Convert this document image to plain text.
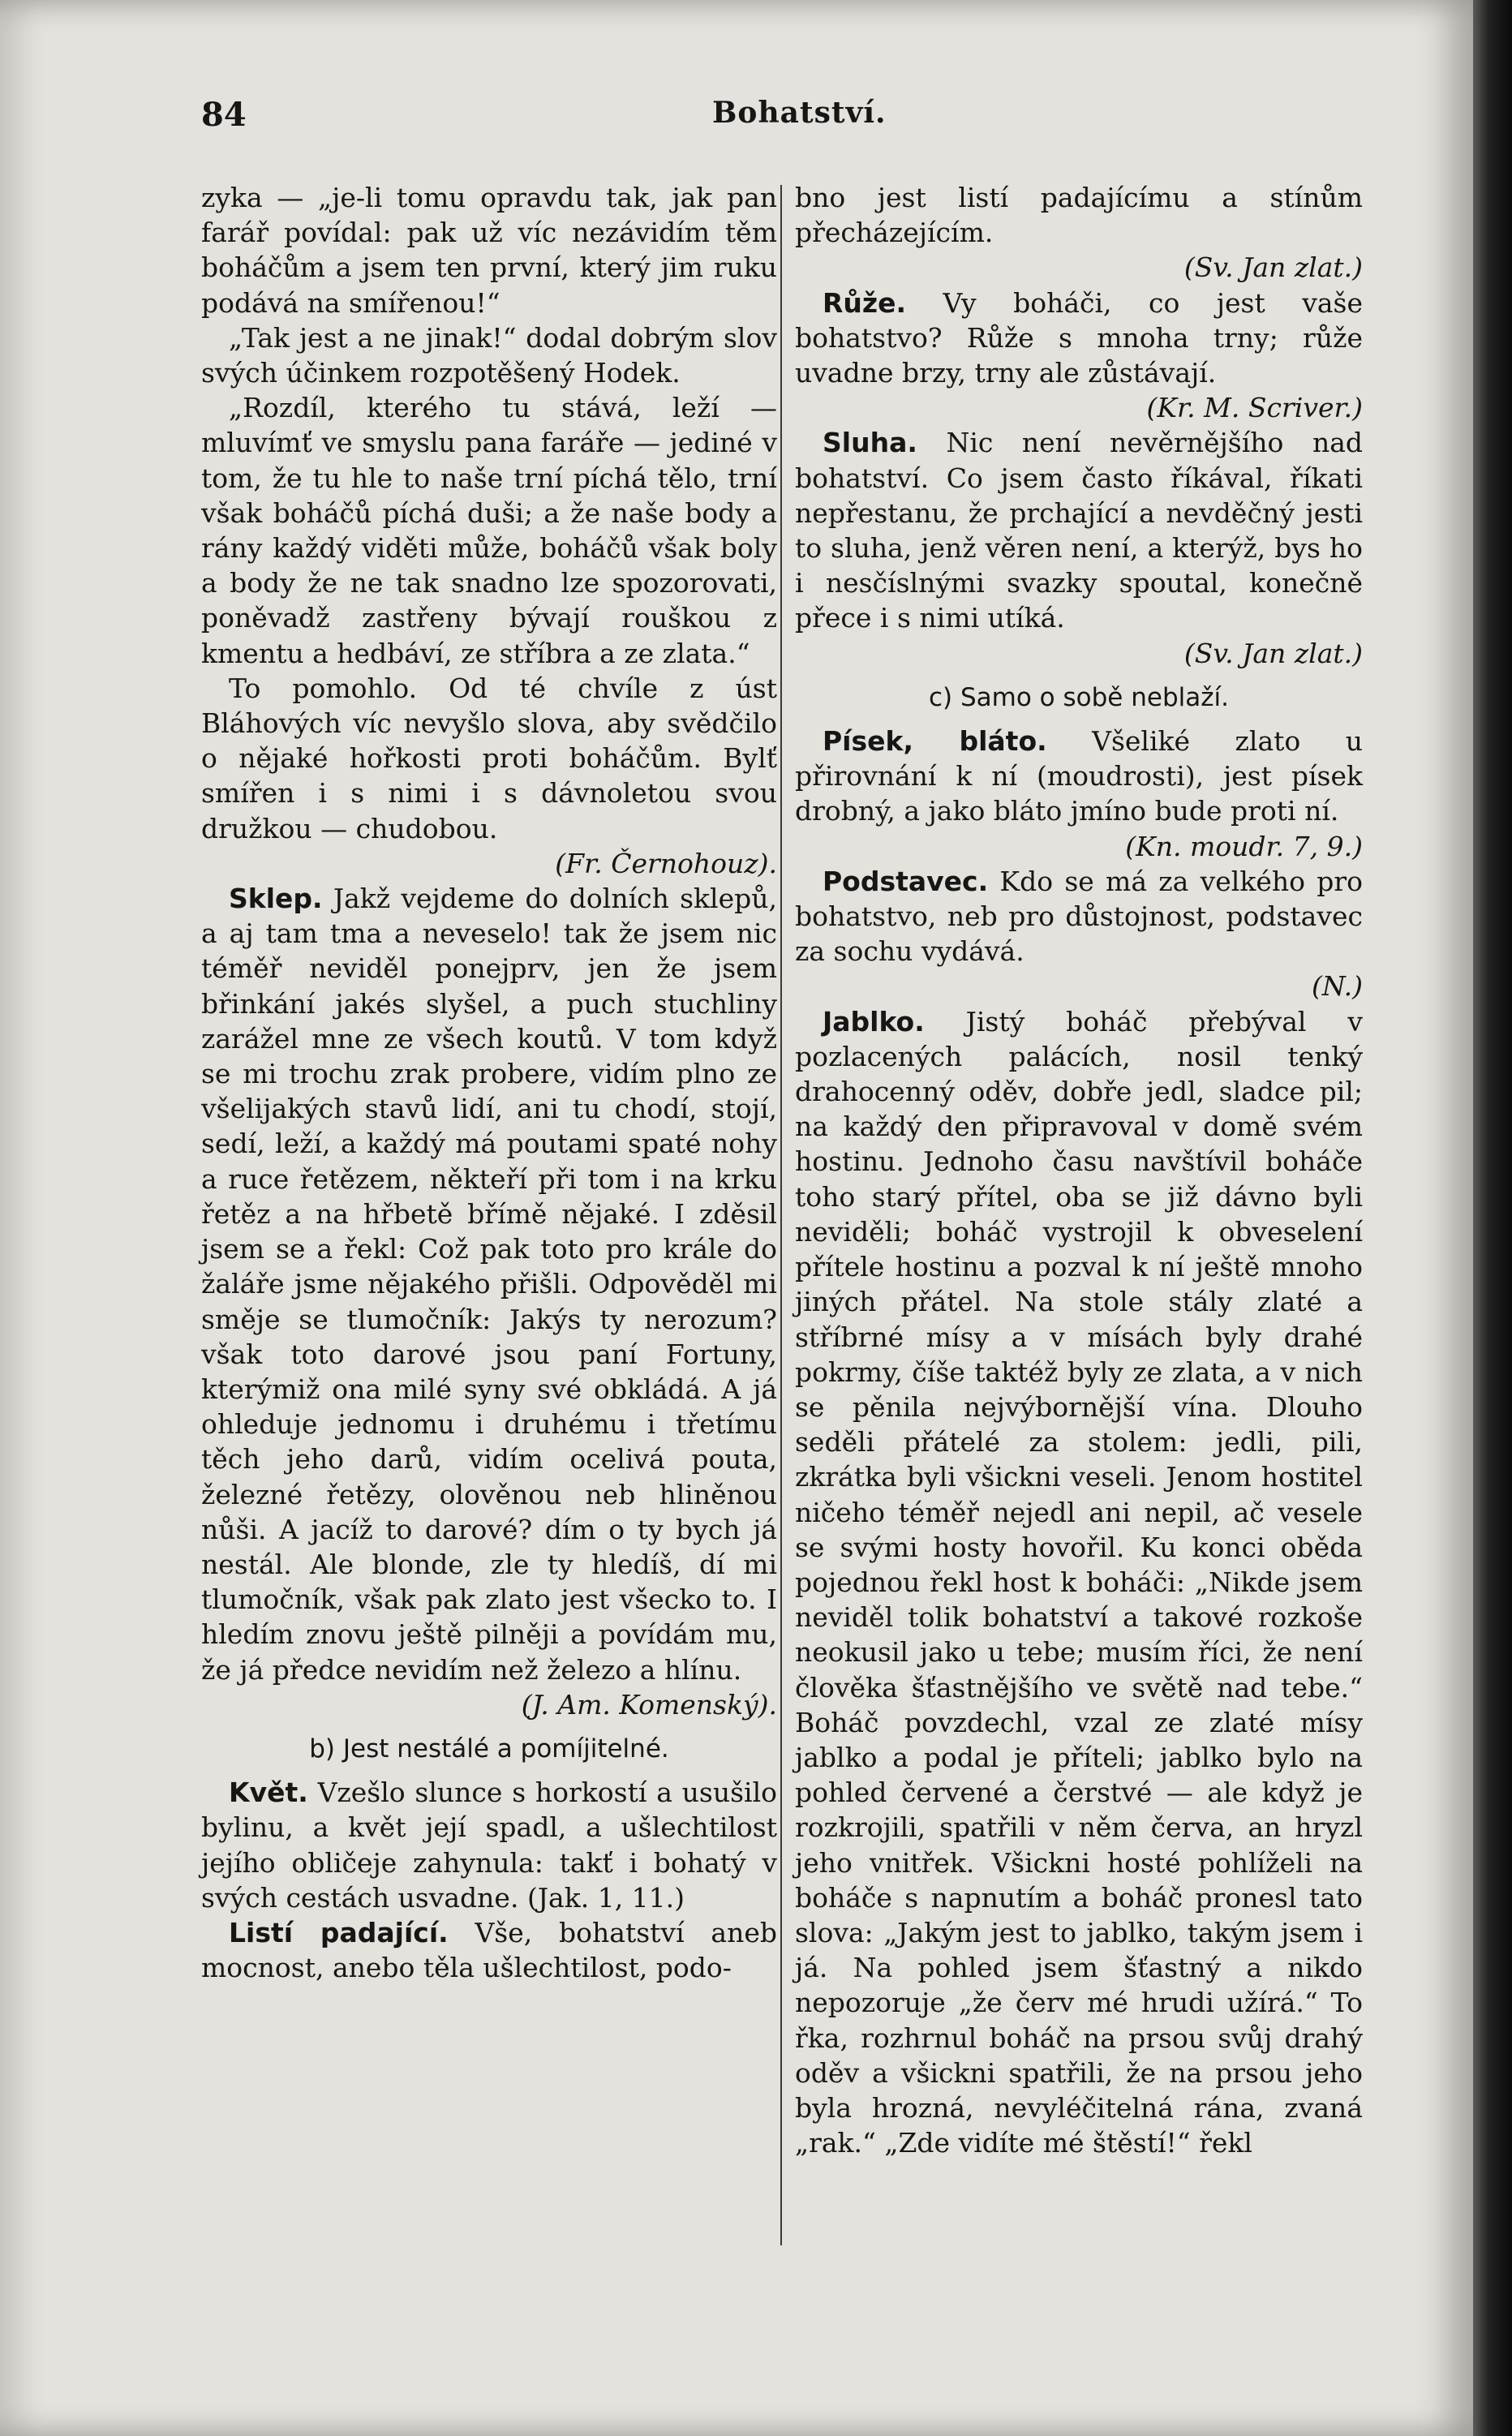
84	Bohatství.

zyka — „je-li tomu opravdu tak, jak pan farář povídal: pak už víc nezávidím těm boháčům a jsem ten první, který jim ruku podává na smířenou!“

„Tak jest a ne jinak!“ dodal dobrým slov svých účinkem rozpotěšený Hodek.

„Rozdíl, kterého tu stává, leží — mluvímť ve smyslu pana faráře — jediné v tom, že tu hle to naše trní píchá tělo, trní však boháčů píchá duši; a že naše body a rány každý viděti může, boháčů však boly a body že ne tak snadno lze spozorovati, poněvadž zastřeny bývají rouškou z kmentu a hedbáví, ze stříbra a ze zlata.“

To pomohlo. Od té chvíle z úst Bláhových víc nevyšlo slova, aby svědčilo o nějaké hořkosti proti boháčům. Bylť smířen i s nimi i s dávnoletou svou družkou — chudobou.

(Fr. Černohouz).

Sklep. Jakž vejdeme do dolních sklepů, a aj tam tma a neveselo! tak že jsem nic téměř neviděl ponejprv, jen že jsem břinkání jakés slyšel, a puch stuchliny zarážel mne ze všech koutů. V tom když se mi trochu zrak probere, vidím plno ze všelijakých stavů lidí, ani tu chodí, stojí, sedí, leží, a každý má poutami spaté nohy a ruce řetězem, někteří při tom i na krku řetěz a na hřbetě břímě nějaké. I zděsil jsem se a řekl: Což pak toto pro krále do žaláře jsme nějakého přišli. Odpověděl mi směje se tlumočník: Jakýs ty nerozum? však toto darové jsou paní Fortuny, kterýmiž ona milé syny své obkládá. A já ohleduje jednomu i druhému i třetímu těch jeho darů, vidím ocelivá pouta, železné řetězy, olověnou neb hliněnou nůši. A jacíž to darové? dím o ty bych já nestál. Ale blonde, zle ty hledíš, dí mi tlumočník, však pak zlato jest všecko to. I hledím znovu ještě pilněji a povídám mu, že já předce nevidím než železo a hlínu.

(J. Am. Komenský).

b) Jest nestálé a pomíjitelné.

Květ. Vzešlo slunce s horkostí a usušilo bylinu, a květ její spadl, a ušlechtilost jejího obličeje zahynula: takť i bohatý v svých cestách usvadne. (Jak. 1, 11.)

Listí padající. Vše, bohatství aneb mocnost, anebo těla ušlechtilost, podo-

bno jest listí padajícímu a stínům přecházejícím.

(Sv. Jan zlat.)

Růže. Vy boháči, co jest vaše bohatstvo? Růže s mnoha trny; růže uvadne brzy, trny ale zůstávají.

(Kr. M. Scriver.)

Sluha. Nic není nevěrnějšího nad bohatství. Co jsem často říkával, říkati nepřestanu, že prchající a nevděčný jesti to sluha, jenž věren není, a kterýž, bys ho i nesčíslnými svazky spoutal, konečně přece i s nimi utíká.

(Sv. Jan zlat.)

c) Samo o sobě neblaží.

Písek, bláto. Všeliké zlato u přirovnání k ní (moudrosti), jest písek drobný, a jako bláto jmíno bude proti ní.

(Kn. moudr. 7, 9.)

Podstavec. Kdo se má za velkého pro bohatstvo, neb pro důstojnost, podstavec za sochu vydává.

(N.)

Jablko. Jistý boháč přebýval v pozlacených palácích, nosil tenký drahocenný oděv, dobře jedl, sladce pil; na každý den připravoval v domě svém hostinu. Jednoho času navštívil boháče toho starý přítel, oba se již dávno byli neviděli; boháč vystrojil k obveselení přítele hostinu a pozval k ní ještě mnoho jiných přátel. Na stole stály zlaté a stříbrné mísy a v mísách byly drahé pokrmy, číše taktéž byly ze zlata, a v nich se pěnila nejvýbornější vína. Dlouho seděli přátelé za stolem: jedli, pili, zkrátka byli všickni veseli. Jenom hostitel ničeho téměř nejedl ani nepil, ač vesele se svými hosty hovořil. Ku konci oběda pojednou řekl host k boháči: „Nikde jsem neviděl tolik bohatství a takové rozkoše neokusil jako u tebe; musím říci, že není člověka šťastnějšího ve světě nad tebe.“ Boháč povzdechl, vzal ze zlaté mísy jablko a podal je příteli; jablko bylo na pohled červené a čerstvé — ale když je rozkrojili, spatřili v něm červa, an hryzl jeho vnitřek. Všickni hosté pohlíželi na boháče s napnutím a boháč pronesl tato slova: „Jakým jest to jablko, takým jsem i já. Na pohled jsem šťastný a nikdo nepozoruje „že červ mé hrudi užírá.“ To řka, rozhrnul boháč na prsou svůj drahý oděv a všickni spatřili, že na prsou jeho byla hrozná, nevyléčitelná rána, zvaná „rak.“ „Zde vidíte mé štěstí!“ řekl
